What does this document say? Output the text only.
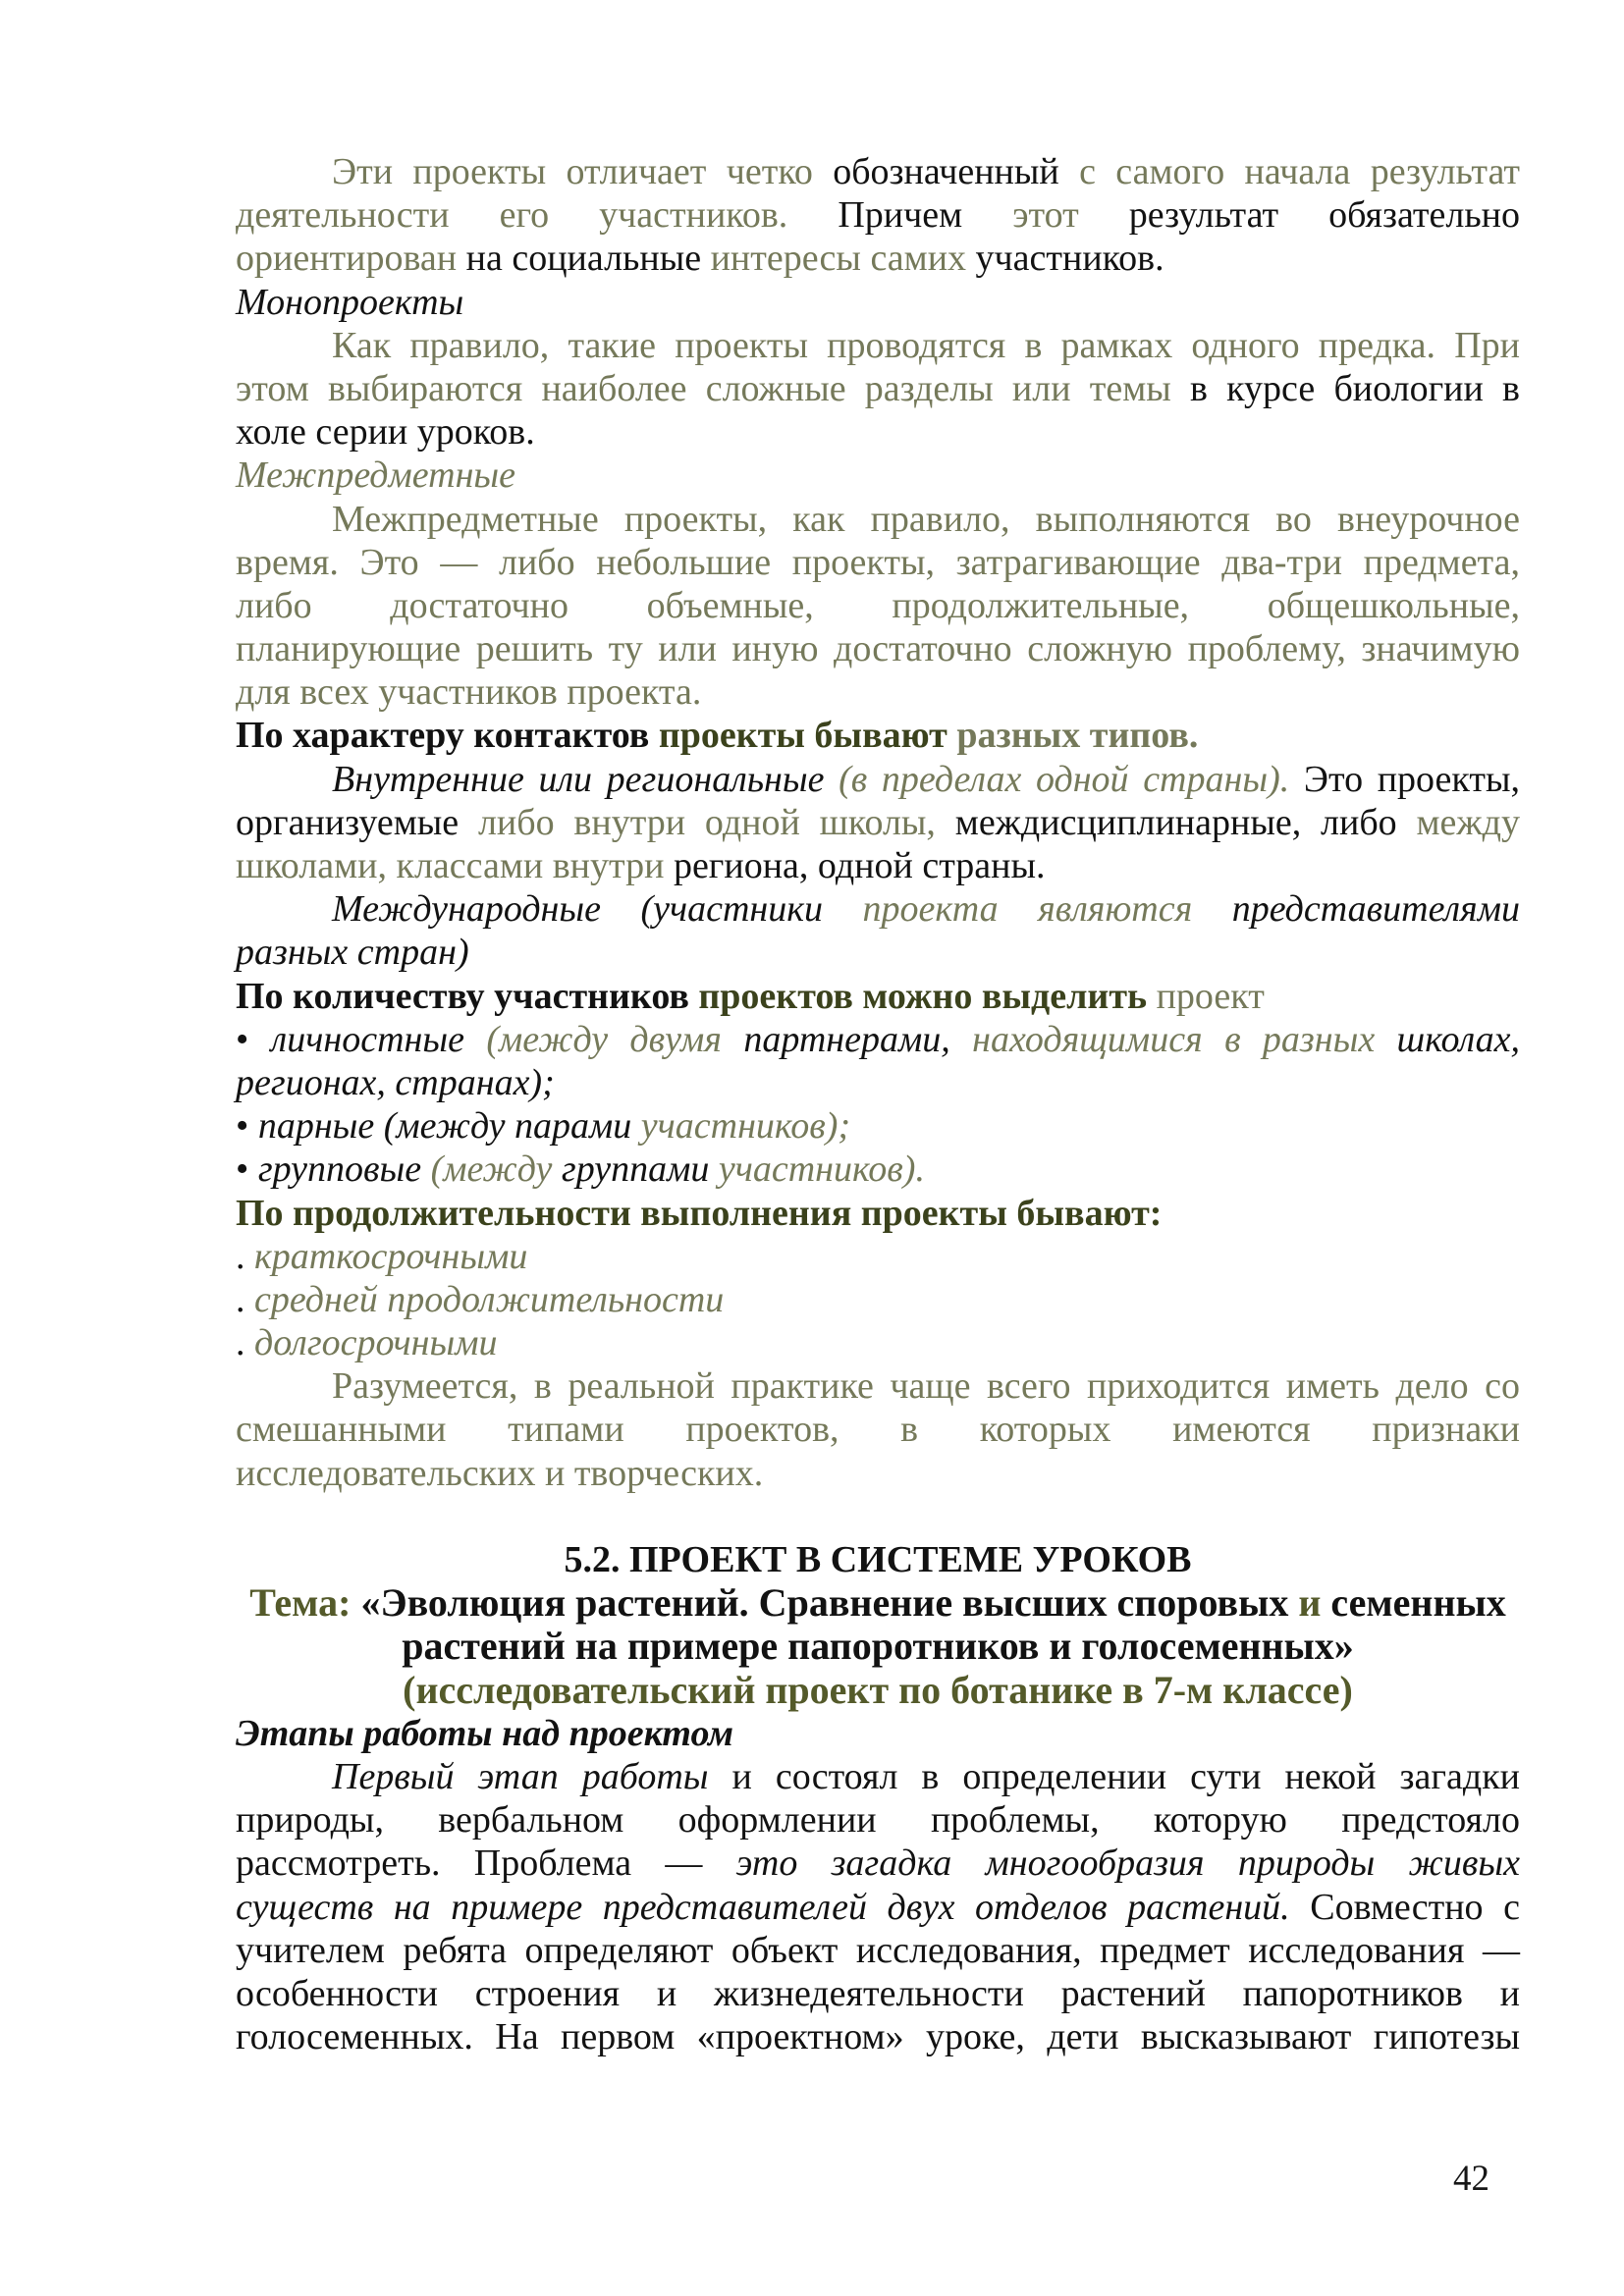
Эти проекты отличает четко обозначенный с самого начала результат
деятельности его участников. Причем этот результат обязательно
ориентирован на социальные интересы самих участников.
Монопроекты
Как правило, такие проекты проводятся в рамках одного предка. При
этом выбираются наиболее сложные разделы или темы в курсе биологии в
холе серии уроков.
Межпредметные
Межпредметные проекты, как правило, выполняются во внеурочное
время. Это — либо небольшие проекты, затрагивающие два-три предмета,
либо достаточно объемные, продолжительные, общешкольные,
планирующие решить ту или иную достаточно сложную проблему, значимую
для всех участников проекта.
По характеру контактов проекты бывают разных типов.
Внутренние или региональные (в пределах одной страны). Это проекты,
организуемые либо внутри одной школы, междисциплинарные, либо между
школами, классами внутри региона, одной страны.
Международные (участники проекта являются представителями
разных стран)
По количеству участников проектов можно выделить проект
• личностные (между двумя партнерами, находящимися в разных школах,
регионах, странах);
• парные (между парами участников);
• групповые (между группами участников).
По продолжительности выполнения проекты бывают:
. краткосрочными
. средней продолжительности
. долгосрочными
Разумеется, в реальной практике чаще всего приходится иметь дело со
смешанными типами проектов, в которых имеются признаки
исследовательских и творческих.

5.2. ПРОЕКТ В СИСТЕМЕ УРОКОВ
Тема: «Эволюция растений. Сравнение высших споровых и семенных
растений на примере папоротников и голосеменных»
(исследовательский проект по ботанике в 7-м классе)
Этапы работы над проектом
Первый этап работы и состоял в определении сути некой загадки
природы, вербальном оформлении проблемы, которую предстояло
рассмотреть. Проблема — это загадка многообразия природы живых
существ на примере представителей двух отделов растений. Совместно с
учителем ребята определяют объект исследования, предмет исследования —
особенности строения и жизнедеятельности растений папоротников и
голосеменных. На первом «проектном» уроке, дети высказывают гипотезы
42
